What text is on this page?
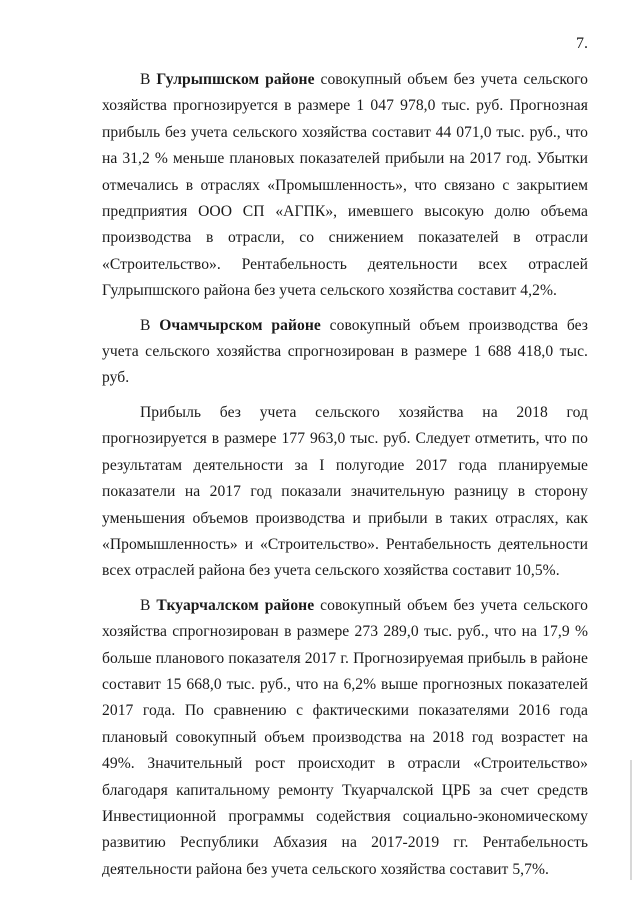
7.

В Гулрыпшском районе совокупный объем без учета сельского хозяйства прогнозируется в размере 1 047 978,0 тыс. руб. Прогнозная прибыль без учета сельского хозяйства составит 44 071,0 тыс. руб., что на 31,2 % меньше плановых показателей прибыли на 2017 год. Убытки отмечались в отраслях «Промышленность», что связано с закрытием предприятия ООО СП «АГПК», имевшего высокую долю объема производства в отрасли, со снижением показателей в отрасли «Строительство». Рентабельность деятельности всех отраслей Гулрыпшского района без учета сельского хозяйства составит 4,2%.

В Очамчырском районе совокупный объем производства без учета сельского хозяйства спрогнозирован в размере 1 688 418,0 тыс. руб.

Прибыль без учета сельского хозяйства на 2018 год прогнозируется в размере 177 963,0 тыс. руб. Следует отметить, что по результатам деятельности за I полугодие 2017 года планируемые показатели на 2017 год показали значительную разницу в сторону уменьшения объемов производства и прибыли в таких отраслях, как «Промышленность» и «Строительство». Рентабельность деятельности всех отраслей района без учета сельского хозяйства составит 10,5%.

В Ткуарчалском районе совокупный объем без учета сельского хозяйства спрогнозирован в размере 273 289,0 тыс. руб., что на 17,9 % больше планового показателя 2017 г. Прогнозируемая прибыль в районе составит 15 668,0 тыс. руб., что на 6,2% выше прогнозных показателей 2017 года. По сравнению с фактическими показателями 2016 года плановый совокупный объем производства на 2018 год возрастет на 49%. Значительный рост происходит в отрасли «Строительство» благодаря капитальному ремонту Ткуарчалской ЦРБ за счет средств Инвестиционной программы содействия социально-экономическому развитию Республики Абхазия на 2017-2019 гг. Рентабельность деятельности района без учета сельского хозяйства составит 5,7%.
